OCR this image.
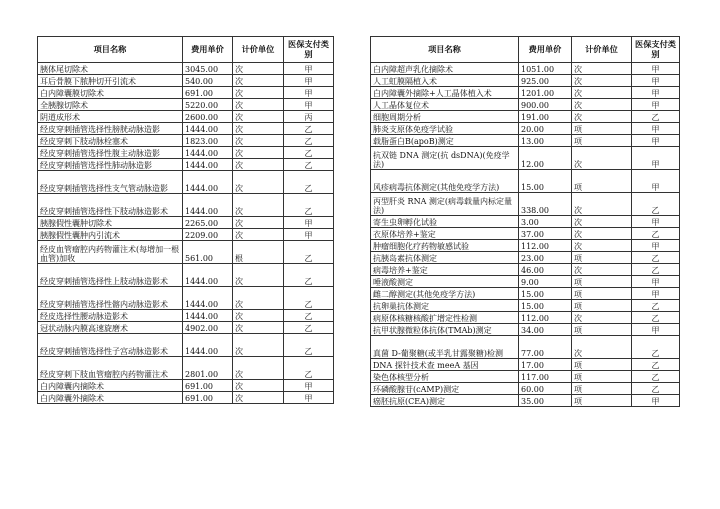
项目名称	费用单价	计价单位	医保支付类别
胰体尾切除术	3045.00	次	甲
耳后骨膜下脓肿切开引流术	540.00	次	甲
白内障囊膜切除术	691.00	次	甲
全胰腺切除术	5220.00	次	甲
阴道成形术	2600.00	次	丙
经皮穿刺插管选择性膀胱动脉造影	1444.00	次	乙
经皮穿刺下肢动脉栓塞术	1823.00	次	乙
经皮穿刺插管选择性腹主动脉造影	1444.00	次	乙
经皮穿刺插管选择性肺动脉造影	1444.00	次	乙
经皮穿刺插管选择性支气管动脉造影	1444.00	次	乙
经皮穿刺插管选择性下肢动脉造影术	1444.00	次	乙
胰腺假性囊肿切除术	2265.00	次	甲
胰腺假性囊肿内引流术	2209.00	次	甲
经皮血管瘤腔内药物灌注术(每增加一根血管)加收	561.00	根	乙
经皮穿刺插管选择性上肢动脉造影术	1444.00	次	乙
经皮穿刺插管选择性髂内动脉造影术	1444.00	次	乙
经皮选择性腰动脉造影术	1444.00	次	乙
冠状动脉内膜高速旋磨术	4902.00	次	乙
经皮穿刺插管选择性子宫动脉造影术	1444.00	次	乙
经皮穿刺下肢血管瘤腔内药物灌注术	2801.00	次	乙
白内障囊内摘除术	691.00	次	甲
白内障囊外摘除术	691.00	次	甲
项目名称	费用单价	计价单位	医保支付类别
白内障超声乳化摘除术	1051.00	次	甲
人工虹膜隔植入术	925.00	次	甲
白内障囊外摘除+人工晶体植入术	1201.00	次	甲
人工晶体复位术	900.00	次	甲
细胞周期分析	191.00	次	乙
肺炎支原体免疫学试验	20.00	项	甲
载脂蛋白B(apoB)测定	13.00	项	甲
抗双链 DNA 测定(抗 dsDNA)(免疫学法)	12.00	次	甲
风疹病毒抗体测定(其他免疫学方法)	15.00	项	甲
丙型肝炎 RNA 测定(病毒载量内标定量法)	338.00	次	乙
寄生虫卵孵化试验	3.00	次	甲
衣原体培养+鉴定	37.00	次	乙
肿瘤细胞化疗药物敏感试验	112.00	次	甲
抗胰岛素抗体测定	23.00	项	乙
病毒培养+鉴定	46.00	次	乙
唾液酸测定	9.00	项	甲
雌二醇测定(其他免疫学方法)	15.00	项	甲
抗卵巢抗体测定	15.00	项	乙
病原体核糖核酸扩增定性检测	112.00	次	乙
抗甲状腺微粒体抗体(TMAb)测定	34.00	项	甲
真菌 D-葡聚糖(或半乳甘露聚糖)检测	77.00	次	乙
DNA 探针技术查 meeA 基因	17.00	项	乙
染色体核型分析	117.00	项	乙
环磷酸腺苷(cAMP)测定	60.00	项	乙
癌胚抗原(CEA)测定	35.00	项	甲
